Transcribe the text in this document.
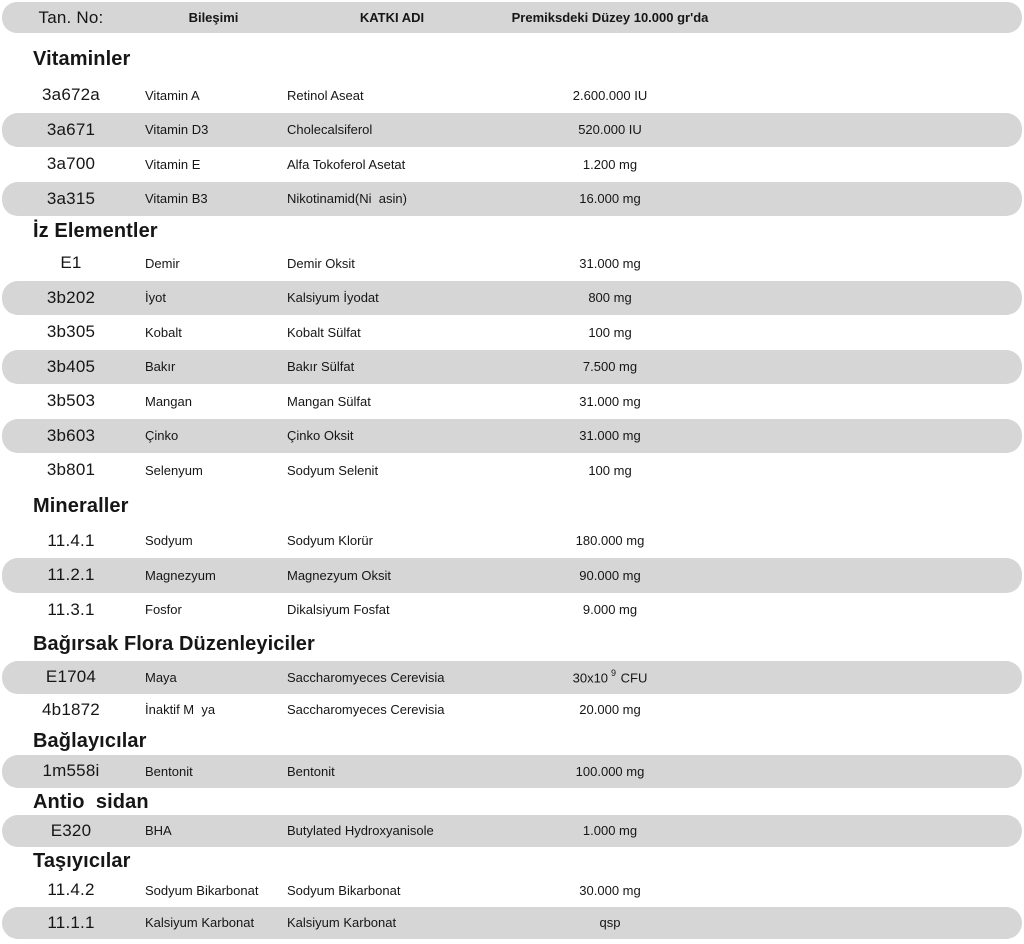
Tan. No:	Bileşimi	KATKI ADI	Premiksdeki Düzey 10.000 gr'da
Vitaminler
3a672a	Vitamin A	Retinol Aseat	2.600.000 IU
3a671	Vitamin D3	Cholecalsiferol	520.000 IU
3a700	Vitamin E	Alfa Tokoferol Asetat	1.200 mg
3a315	Vitamin B3	Nikotinamid(Ni  asin)	16.000 mg
İz Elementler
E1	Demir	Demir Oksit	31.000 mg
3b202	İyot	Kalsiyum İyodat	800 mg
3b305	Kobalt	Kobalt Sülfat	100 mg
3b405	Bakır	Bakır Sülfat	7.500 mg
3b503	Mangan	Mangan Sülfat	31.000 mg
3b603	Çinko	Çinko Oksit	31.000 mg
3b801	Selenyum	Sodyum Selenit	100 mg
Mineraller
11.4.1	Sodyum	Sodyum Klorür	180.000 mg
11.2.1	Magnezyum	Magnezyum Oksit	90.000 mg
11.3.1	Fosfor	Dikalsiyum Fosfat	9.000 mg
Bağırsak Flora Düzenleyiciler
E1704	Maya	Saccharomyeces Cerevisia	30x10 $^9$ CFU
4b1872	İnaktif M  ya	Saccharomyeces Cerevisia	20.000 mg
Bağlayıcılar
1m558i	Bentonit	Bentonit	100.000 mg
Antio  sidan
E320	BHA	Butylated Hydroxyanisole	1.000 mg
Taşıyıcılar
11.4.2	Sodyum Bikarbonat	Sodyum Bikarbonat	30.000 mg
11.1.1	Kalsiyum Karbonat	Kalsiyum Karbonat	qsp
